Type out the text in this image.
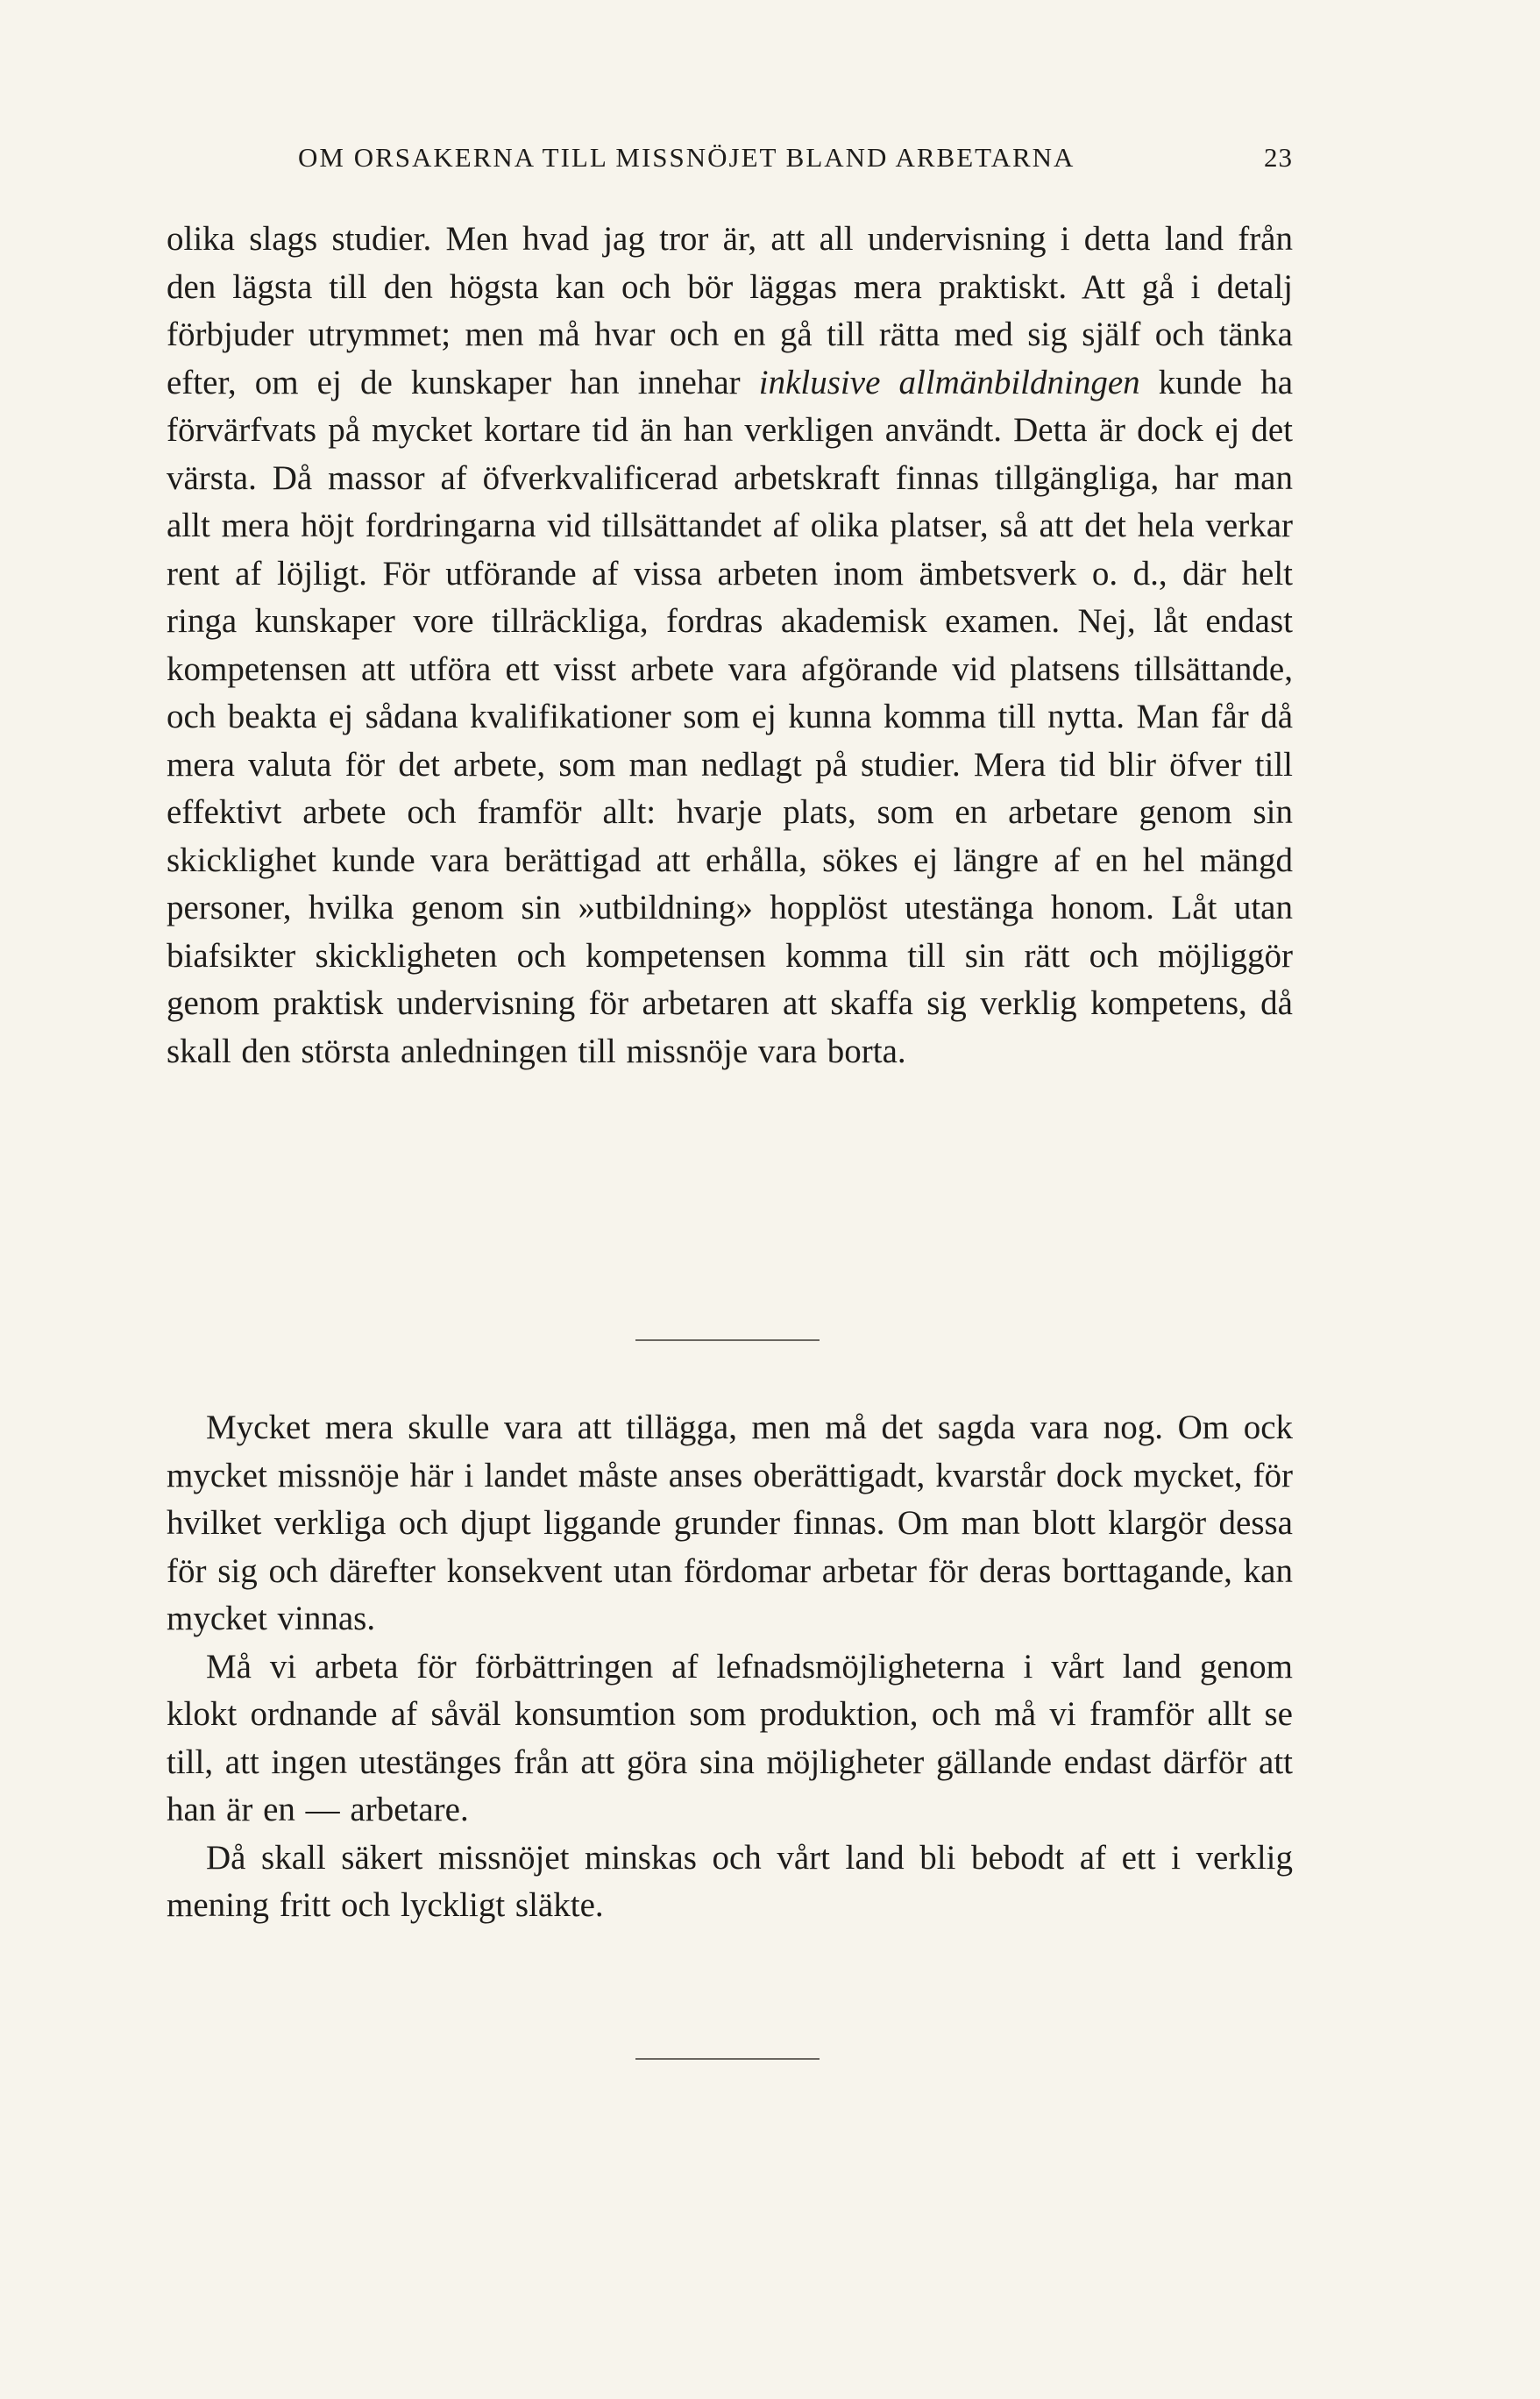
OM ORSAKERNA TILL MISSNÖJET BLAND ARBETARNA	23

olika slags studier. Men hvad jag tror är, att all undervisning i detta land från den lägsta till den högsta kan och bör läggas mera praktiskt. Att gå i detalj förbjuder utrymmet; men må hvar och en gå till rätta med sig själf och tänka efter, om ej de kunskaper han innehar inklusive allmänbildningen kunde ha förvärfvats på mycket kortare tid än han verkligen användt. Detta är dock ej det värsta. Då massor af öfverkvalificerad arbetskraft finnas tillgängliga, har man allt mera höjt fordringarna vid tillsättandet af olika platser, så att det hela verkar rent af löjligt. För utförande af vissa arbeten inom ämbetsverk o. d., där helt ringa kunskaper vore tillräckliga, fordras akademisk examen. Nej, låt endast kompetensen att utföra ett visst arbete vara afgörande vid platsens tillsättande, och beakta ej sådana kvalifikationer som ej kunna komma till nytta. Man får då mera valuta för det arbete, som man nedlagt på studier. Mera tid blir öfver till effektivt arbete och framför allt: hvarje plats, som en arbetare genom sin skicklighet kunde vara berättigad att erhålla, sökes ej längre af en hel mängd personer, hvilka genom sin »utbildning» hopplöst utestänga honom. Låt utan biafsikter skickligheten och kompetensen komma till sin rätt och möjliggör genom praktisk undervisning för arbetaren att skaffa sig verklig kompetens, då skall den största anledningen till missnöje vara borta.

Mycket mera skulle vara att tillägga, men må det sagda vara nog. Om ock mycket missnöje här i landet måste anses oberättigadt, kvarstår dock mycket, för hvilket verkliga och djupt liggande grunder finnas. Om man blott klargör dessa för sig och därefter konsekvent utan fördomar arbetar för deras borttagande, kan mycket vinnas.

Må vi arbeta för förbättringen af lefnadsmöjligheterna i vårt land genom klokt ordnande af såväl konsumtion som produktion, och må vi framför allt se till, att ingen utestänges från att göra sina möjligheter gällande endast därför att han är en — arbetare.

Då skall säkert missnöjet minskas och vårt land bli bebodt af ett i verklig mening fritt och lyckligt släkte.
